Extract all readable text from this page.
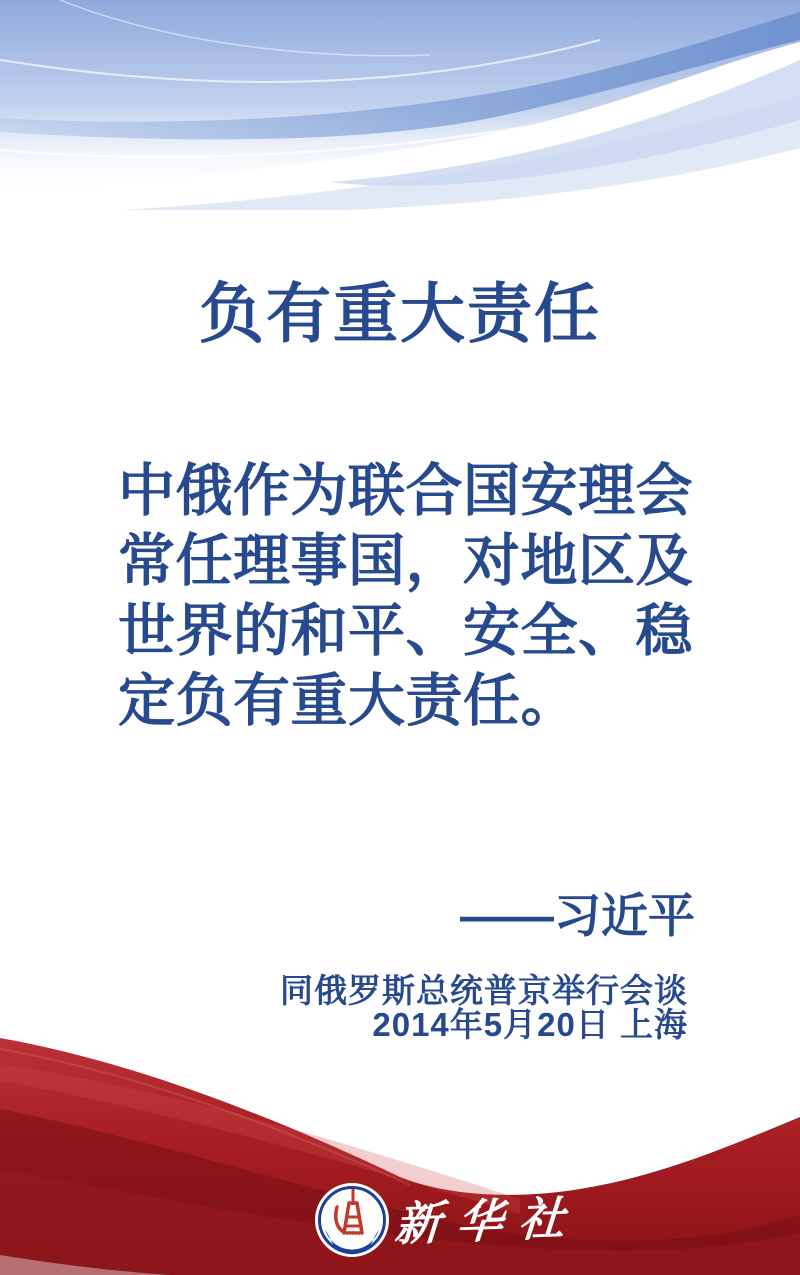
负有重大责任
中俄作为联合国安理会
常任理事国，对地区及
世界的和平、安全、稳
定负有重大责任。
——习近平
同俄罗斯总统普京举行会谈
2014年5月20日 上海
XINHUA 新华社
